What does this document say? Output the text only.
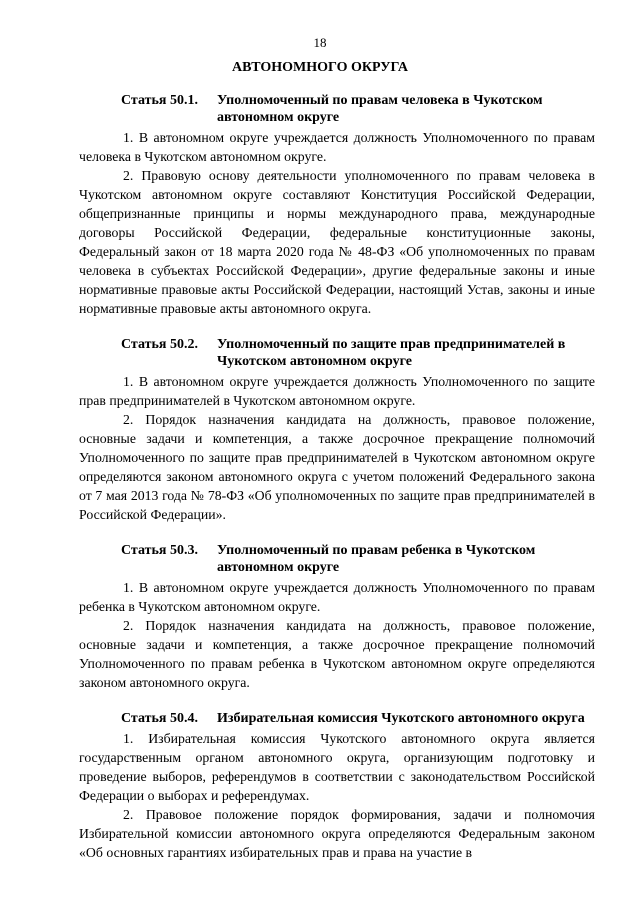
18
АВТОНОМНОГО ОКРУГА
Статья 50.1.	Уполномоченный по правам человека в Чукотском автономном округе

1. В автономном округе учреждается должность Уполномоченного по правам человека в Чукотском автономном округе.

2. Правовую основу деятельности уполномоченного по правам человека в Чукотском автономном округе составляют Конституция Российской Федерации, общепризнанные принципы и нормы международного права, международные договоры Российской Федерации, федеральные конституционные законы, Федеральный закон от 18 марта 2020 года № 48-ФЗ «Об уполномоченных по правам человека в субъектах Российской Федерации», другие федеральные законы и иные нормативные правовые акты Российской Федерации, настоящий Устав, законы и иные нормативные правовые акты автономного округа.

Статья 50.2.	Уполномоченный по защите прав предпринимателей в Чукотском автономном округе

1. В автономном округе учреждается должность Уполномоченного по защите прав предпринимателей в Чукотском автономном округе.

2. Порядок назначения кандидата на должность, правовое положение, основные задачи и компетенция, а также досрочное прекращение полномочий Уполномоченного по защите прав предпринимателей в Чукотском автономном округе определяются законом автономного округа с учетом положений Федерального закона от 7 мая 2013 года № 78-ФЗ «Об уполномоченных по защите прав предпринимателей в Российской Федерации».

Статья 50.3.	Уполномоченный по правам ребенка в Чукотском автономном округе

1. В автономном округе учреждается должность Уполномоченного по правам ребенка в Чукотском автономном округе.

2. Порядок назначения кандидата на должность, правовое положение, основные задачи и компетенция, а также досрочное прекращение полномочий Уполномоченного по правам ребенка в Чукотском автономном округе определяются законом автономного округа.

Статья 50.4.	Избирательная комиссия Чукотского автономного округа

1. Избирательная комиссия Чукотского автономного округа является государственным органом автономного округа, организующим подготовку и проведение выборов, референдумов в соответствии с законодательством Российской Федерации о выборах и референдумах.

2. Правовое положение порядок формирования, задачи и полномочия Избирательной комиссии автономного округа определяются Федеральным законом «Об основных гарантиях избирательных прав и права на участие в
